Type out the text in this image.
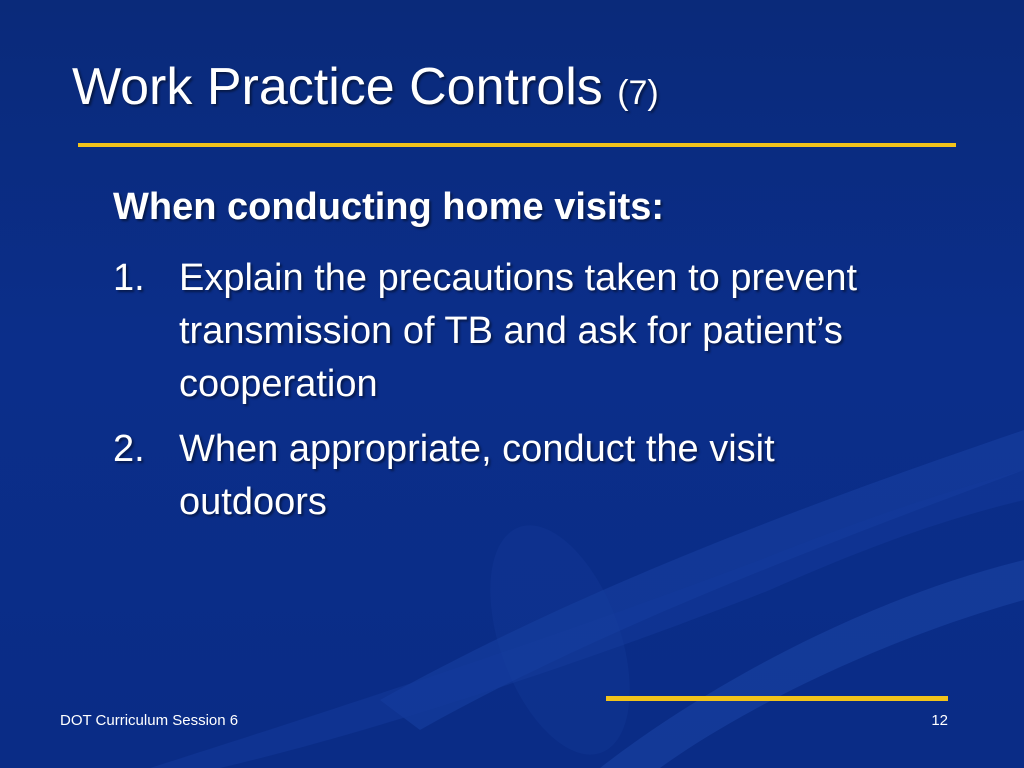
Work Practice Controls (7)
When conducting home visits:
1. Explain the precautions taken to prevent transmission of TB and ask for patient’s cooperation
2. When appropriate, conduct the visit outdoors
DOT Curriculum Session 6	12
